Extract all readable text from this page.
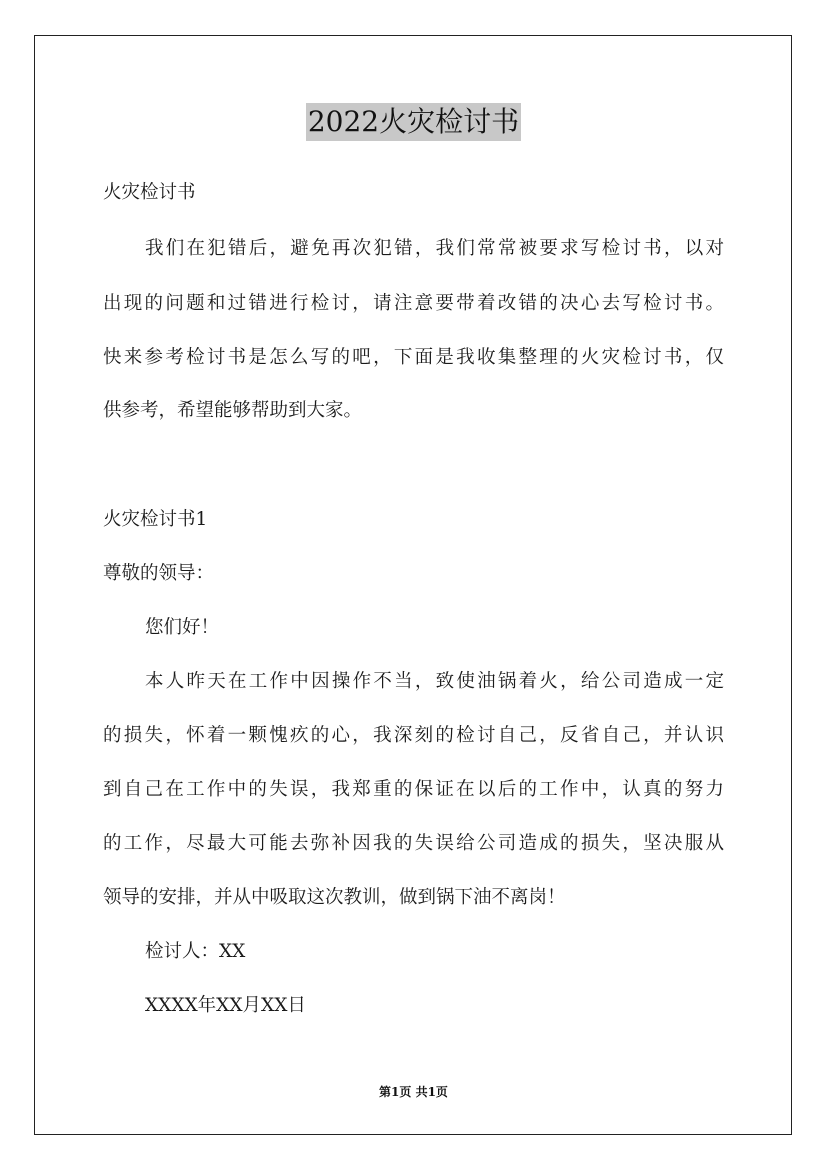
2022火灾检讨书
火灾检讨书
我们在犯错后，避免再次犯错，我们常常被要求写检讨书，以对
出现的问题和过错进行检讨，请注意要带着改错的决心去写检讨书。
快来参考检讨书是怎么写的吧，下面是我收集整理的火灾检讨书，仅
供参考，希望能够帮助到大家。
火灾检讨书1
尊敬的领导：
您们好！
本人昨天在工作中因操作不当，致使油锅着火，给公司造成一定
的损失，怀着一颗愧疚的心，我深刻的检讨自己，反省自己，并认识
到自己在工作中的失误，我郑重的保证在以后的工作中，认真的努力
的工作，尽最大可能去弥补因我的失误给公司造成的损失，坚决服从
领导的安排，并从中吸取这次教训，做到锅下油不离岗！
检讨人：XX
XXXX年XX月XX日
第1页 共1页
